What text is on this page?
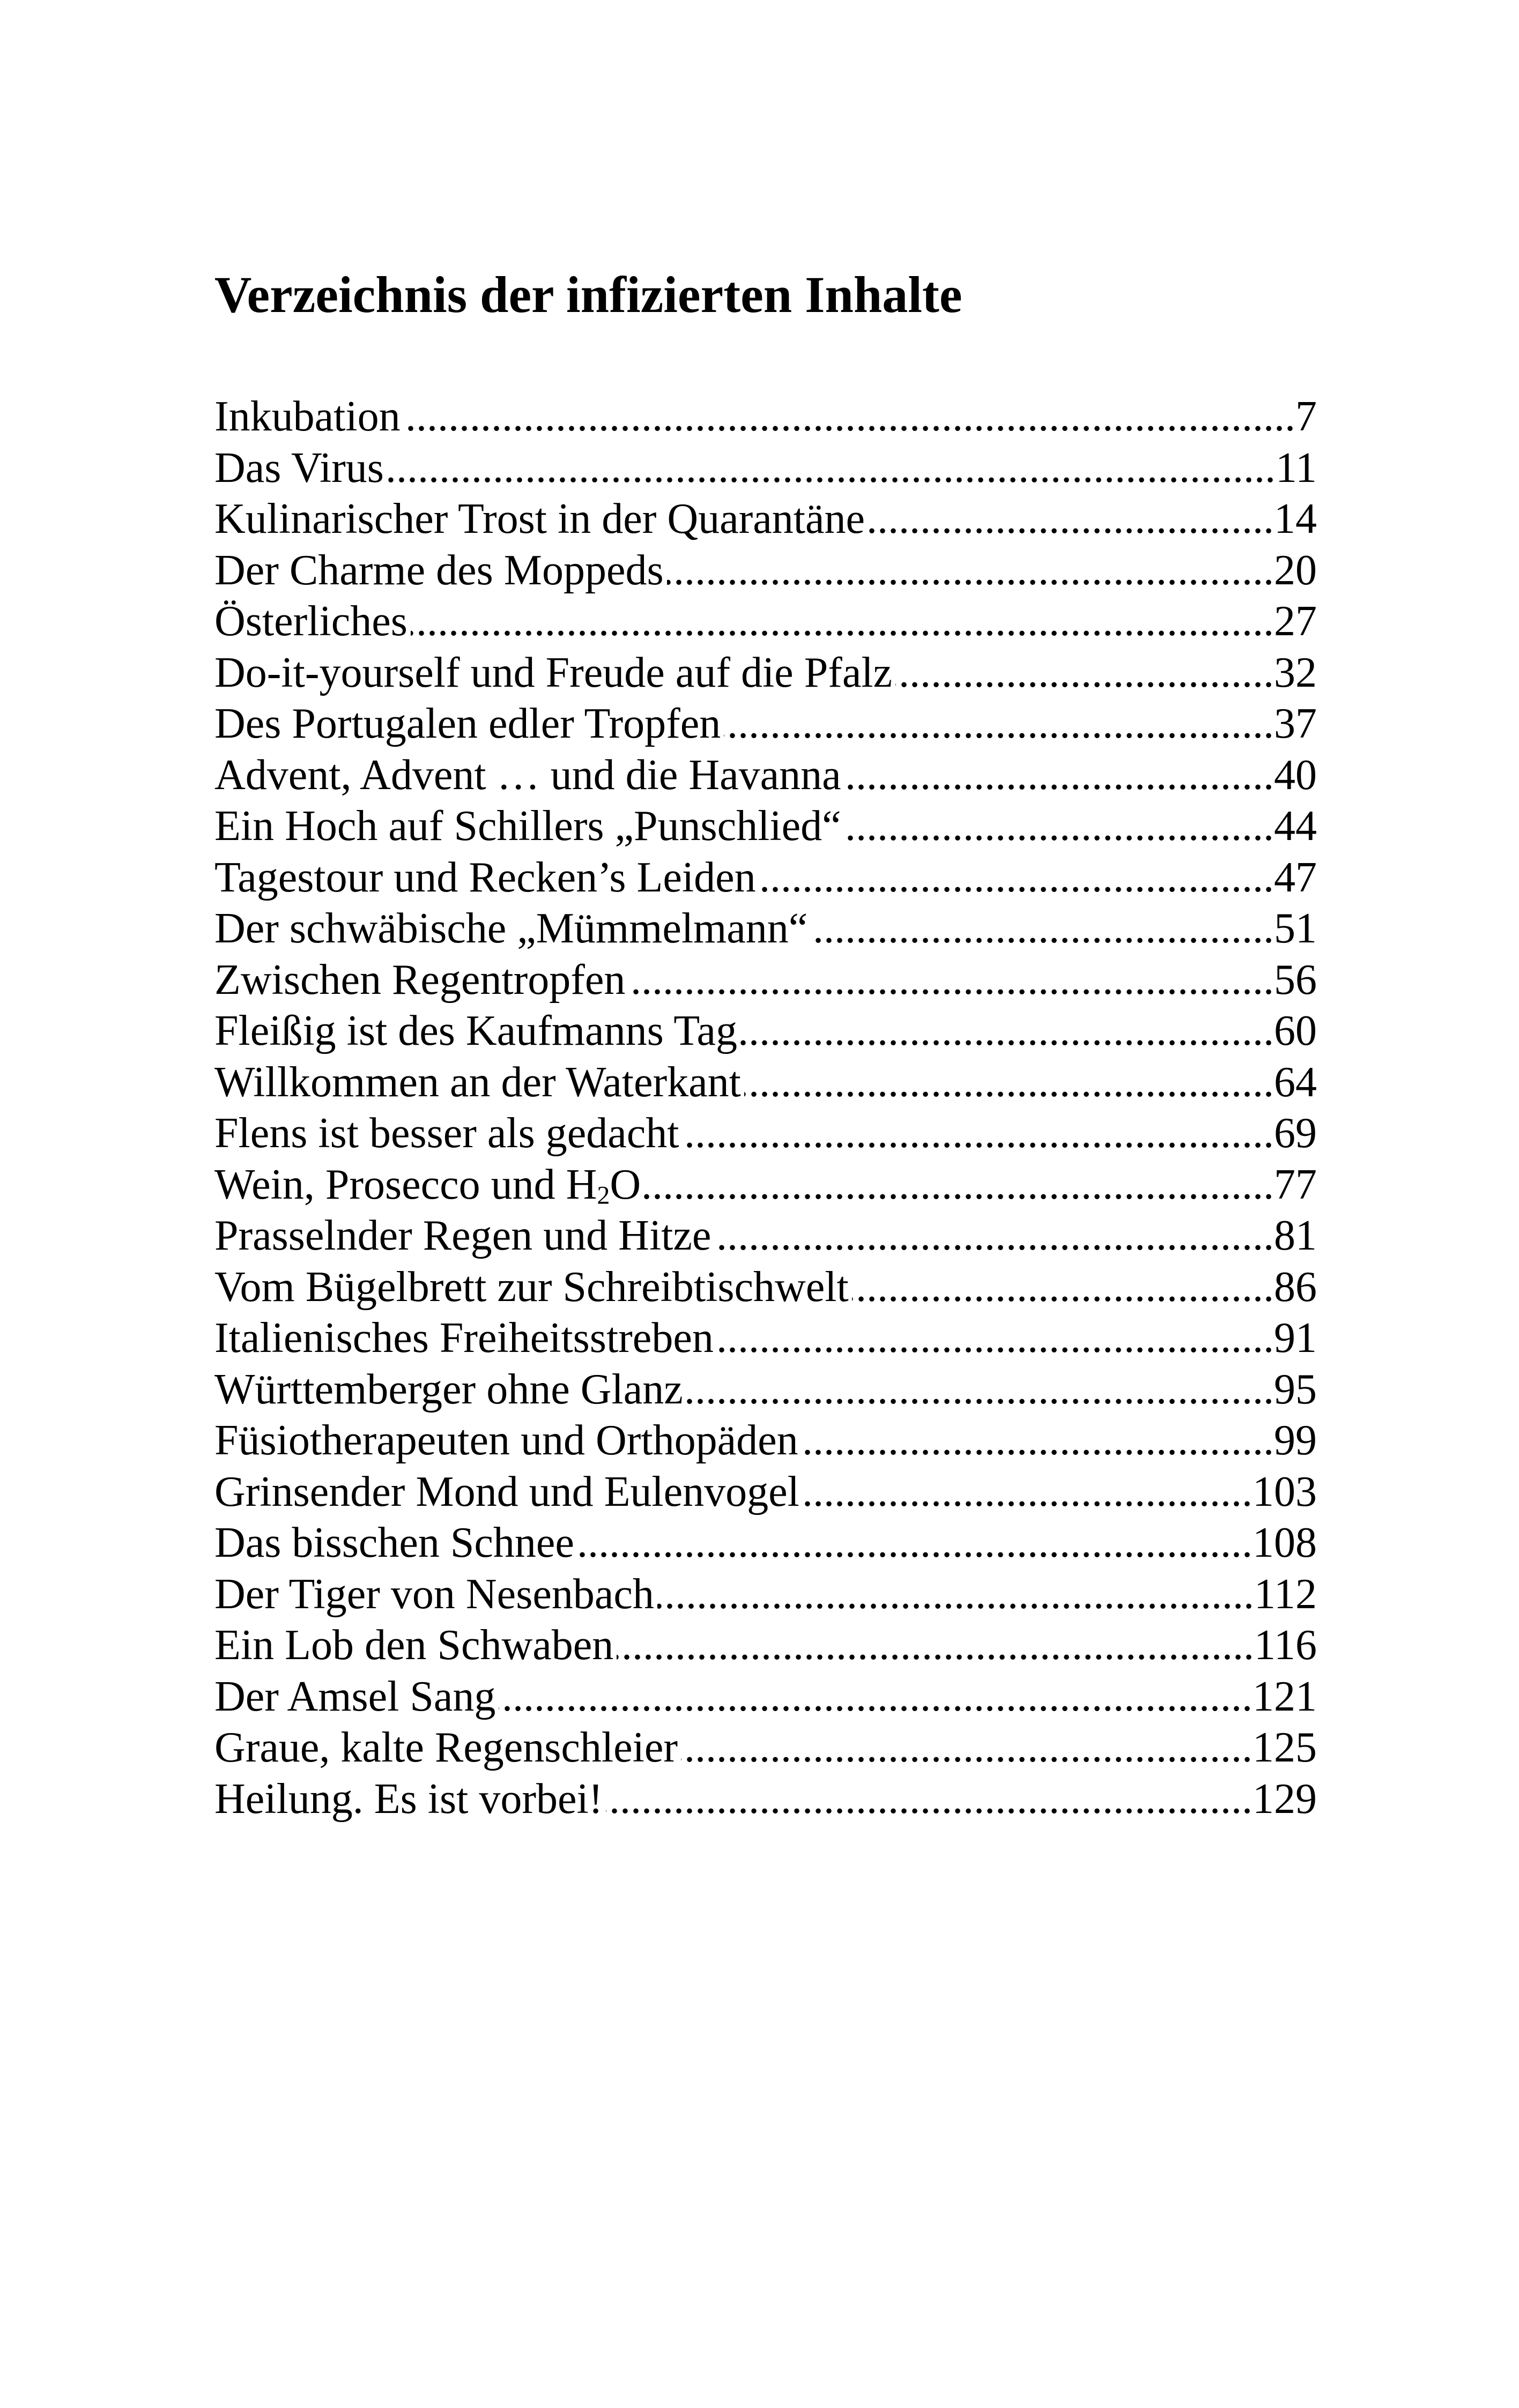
Verzeichnis der infizierten Inhalte
Inkubation .....	7
Das Virus .....	11
Kulinarischer Trost in der Quarantäne .....	14
Der Charme des Moppeds .....	20
Österliches .....	27
Do-it-yourself und Freude auf die Pfalz .....	32
Des Portugalen edler Tropfen .....	37
Advent, Advent … und die Havanna .....	40
Ein Hoch auf Schillers „Punschlied“ .....	44
Tagestour und Recken’s Leiden .....	47
Der schwäbische „Mümmelmann“ .....	51
Zwischen Regentropfen .....	56
Fleißig ist des Kaufmanns Tag .....	60
Willkommen an der Waterkant .....	64
Flens ist besser als gedacht .....	69
Wein, Prosecco und $H_2O$ .....	77
Prasselnder Regen und Hitze .....	81
Vom Bügelbrett zur Schreibtischwelt .....	86
Italienisches Freiheitsstreben .....	91
Württemberger ohne Glanz .....	95
Füsiotherapeuten und Orthopäden .....	99
Grinsender Mond und Eulenvogel .....	103
Das bisschen Schnee .....	108
Der Tiger von Nesenbach .....	112
Ein Lob den Schwaben .....	116
Der Amsel Sang .....	121
Graue, kalte Regenschleier .....	125
Heilung. Es ist vorbei! .....	129
